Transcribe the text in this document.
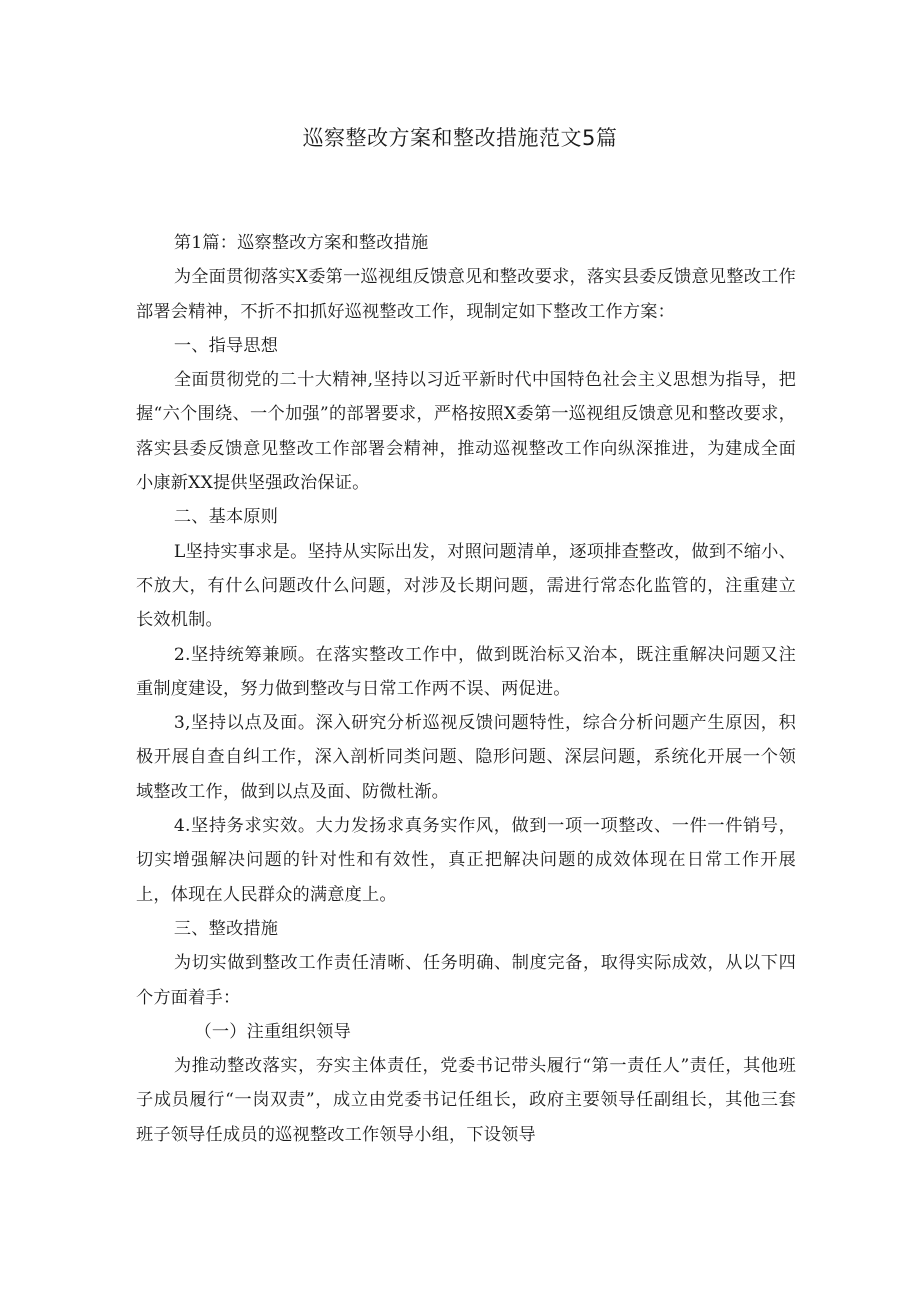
巡察整改方案和整改措施范文5篇

第1篇：巡察整改方案和整改措施

为全面贯彻落实X委第一巡视组反馈意见和整改要求，落实县委反馈意见整改工作部署会精神，不折不扣抓好巡视整改工作，现制定如下整改工作方案：

一、指导思想

全面贯彻党的二十大精神,坚持以习近平新时代中国特色社会主义思想为指导，把握“六个围绕、一个加强”的部署要求，严格按照X委第一巡视组反馈意见和整改要求，落实县委反馈意见整改工作部署会精神，推动巡视整改工作向纵深推进，为建成全面小康新XX提供坚强政治保证。

二、基本原则

L坚持实事求是。坚持从实际出发，对照问题清单，逐项排查整改，做到不缩小、不放大，有什么问题改什么问题，对涉及长期问题，需进行常态化监管的，注重建立长效机制。

2.坚持统筹兼顾。在落实整改工作中，做到既治标又治本，既注重解决问题又注重制度建设，努力做到整改与日常工作两不误、两促进。

3,坚持以点及面。深入研究分析巡视反馈问题特性，综合分析问题产生原因，积极开展自查自纠工作，深入剖析同类问题、隐形问题、深层问题，系统化开展一个领域整改工作，做到以点及面、防微杜渐。

4.坚持务求实效。大力发扬求真务实作风，做到一项一项整改、一件一件销号，切实增强解决问题的针对性和有效性，真正把解决问题的成效体现在日常工作开展上，体现在人民群众的满意度上。

三、整改措施

为切实做到整改工作责任清晰、任务明确、制度完备，取得实际成效，从以下四个方面着手：

（一）注重组织领导

为推动整改落实，夯实主体责任，党委书记带头履行“第一责任人”责任，其他班子成员履行“一岗双责”，成立由党委书记任组长，政府主要领导任副组长，其他三套班子领导任成员的巡视整改工作领导小组，下设领导
